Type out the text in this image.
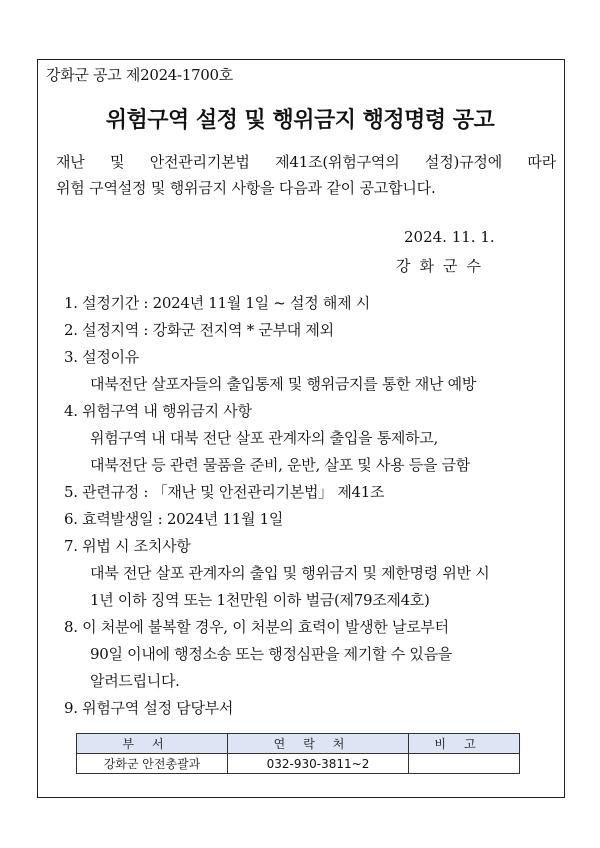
강화군 공고 제2024-1700호
위험구역 설정 및 행위금지 행정명령 공고
재난 및 안전관리기본법 제41조(위험구역의 설정)규정에 따라
위험 구역설정 및 행위금지 사항을 다음과 같이 공고합니다.
2024. 11. 1.
강화군수
1. 설정기간 : 2024년 11월 1일 ~ 설정 해제 시
2. 설정지역 : 강화군 전지역 * 군부대 제외
3. 설정이유
대북전단 살포자들의 출입통제 및 행위금지를 통한 재난 예방
4. 위험구역 내 행위금지 사항
위험구역 내 대북 전단 살포 관계자의 출입을 통제하고,
대북전단 등 관련 물품을 준비, 운반, 살포 및 사용 등을 금함
5. 관련규정 : 「재난 및 안전관리기본법」 제41조
6. 효력발생일 : 2024년 11월 1일
7. 위법 시 조치사항
대북 전단 살포 관계자의 출입 및 행위금지 및 제한명령 위반 시
1년 이하 징역 또는 1천만원 이하 벌금(제79조제4호)
8. 이 처분에 불복할 경우, 이 처분의 효력이 발생한 날로부터
90일 이내에 행정소송 또는 행정심판을 제기할 수 있음을
알려드립니다.
9. 위험구역 설정 담당부서
부서	연락처	비고
강화군 안전총괄과	032-930-3811~2	
